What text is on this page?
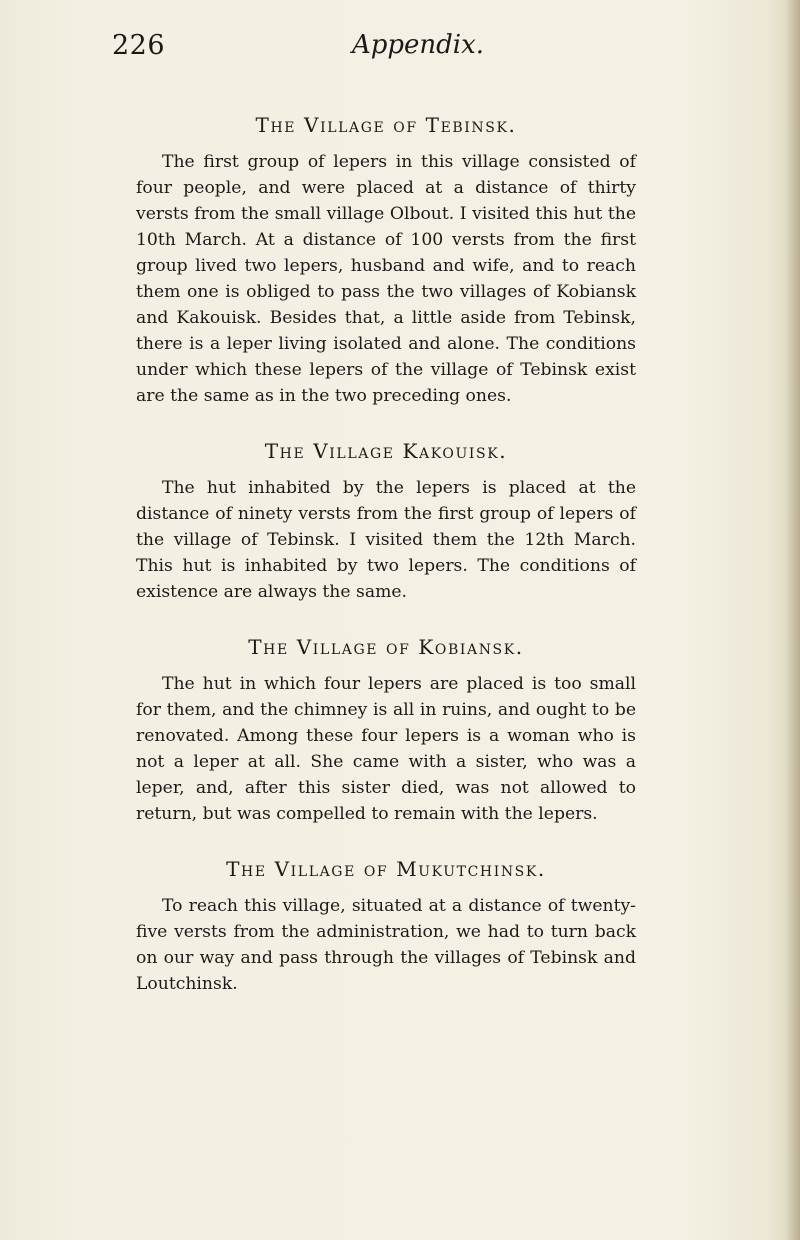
226	Appendix.
The Village of Tebinsk.

The first group of lepers in this village consisted of four people, and were placed at a distance of thirty versts from the small village Olbout. I visited this hut the 10th March. At a distance of 100 versts from the first group lived two lepers, husband and wife, and to reach them one is obliged to pass the two villages of Kobiansk and Kakouisk. Besides that, a little aside from Tebinsk, there is a leper living isolated and alone. The conditions under which these lepers of the village of Tebinsk exist are the same as in the two preceding ones.

The Village Kakouisk.

The hut inhabited by the lepers is placed at the distance of ninety versts from the first group of lepers of the village of Tebinsk. I visited them the 12th March. This hut is inhabited by two lepers. The conditions of existence are always the same.

The Village of Kobiansk.

The hut in which four lepers are placed is too small for them, and the chimney is all in ruins, and ought to be renovated. Among these four lepers is a woman who is not a leper at all. She came with a sister, who was a leper, and, after this sister died, was not allowed to return, but was compelled to remain with the lepers.

The Village of Mukutchinsk.

To reach this village, situated at a distance of twenty-five versts from the administration, we had to turn back on our way and pass through the villages of Tebinsk and Loutchinsk.
